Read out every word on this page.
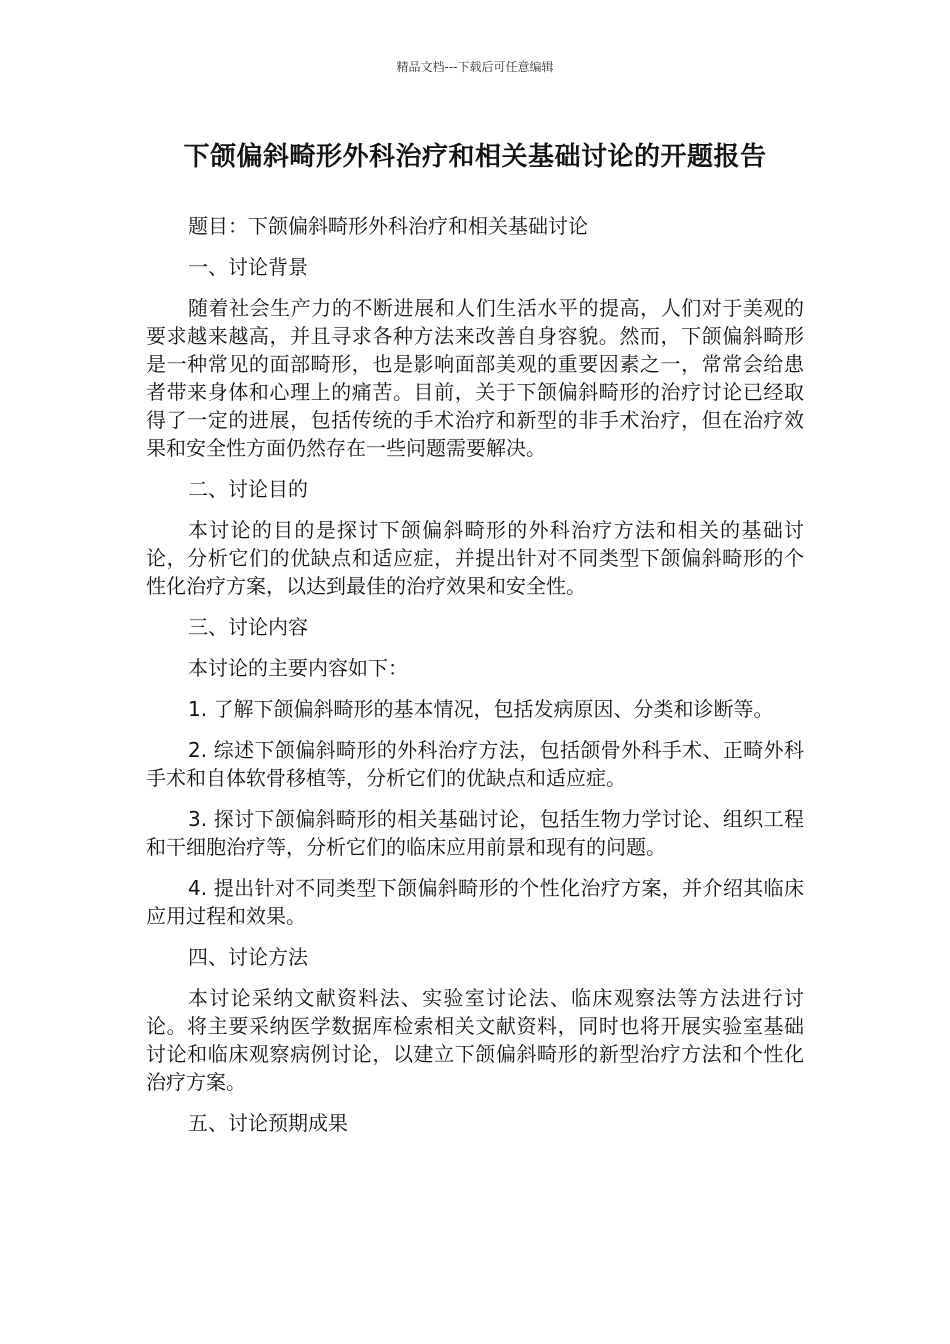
精品文档---下载后可任意编辑
下颌偏斜畸形外科治疗和相关基础讨论的开题报告

题目：下颌偏斜畸形外科治疗和相关基础讨论

一、讨论背景

随着社会生产力的不断进展和人们生活水平的提高，人们对于美观的要求越来越高，并且寻求各种方法来改善自身容貌。然而，下颌偏斜畸形是一种常见的面部畸形，也是影响面部美观的重要因素之一，常常会给患者带来身体和心理上的痛苦。目前，关于下颌偏斜畸形的治疗讨论已经取得了一定的进展，包括传统的手术治疗和新型的非手术治疗，但在治疗效果和安全性方面仍然存在一些问题需要解决。

二、讨论目的

本讨论的目的是探讨下颌偏斜畸形的外科治疗方法和相关的基础讨论，分析它们的优缺点和适应症，并提出针对不同类型下颌偏斜畸形的个性化治疗方案，以达到最佳的治疗效果和安全性。

三、讨论内容

本讨论的主要内容如下：

1. 了解下颌偏斜畸形的基本情况，包括发病原因、分类和诊断等。

2. 综述下颌偏斜畸形的外科治疗方法，包括颌骨外科手术、正畸外科手术和自体软骨移植等，分析它们的优缺点和适应症。

3. 探讨下颌偏斜畸形的相关基础讨论，包括生物力学讨论、组织工程和干细胞治疗等，分析它们的临床应用前景和现有的问题。

4. 提出针对不同类型下颌偏斜畸形的个性化治疗方案，并介绍其临床应用过程和效果。

四、讨论方法

本讨论采纳文献资料法、实验室讨论法、临床观察法等方法进行讨论。将主要采纳医学数据库检索相关文献资料，同时也将开展实验室基础讨论和临床观察病例讨论，以建立下颌偏斜畸形的新型治疗方法和个性化治疗方案。

五、讨论预期成果
